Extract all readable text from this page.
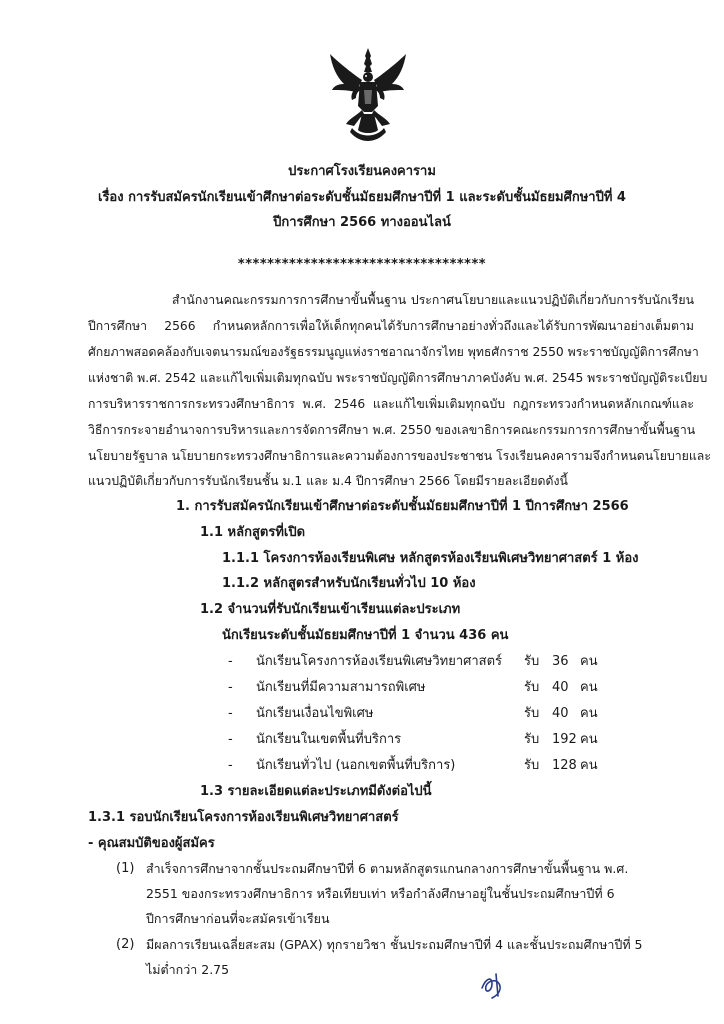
ประกาศโรงเรียนคงคาราม
เรื่อง การรับสมัครนักเรียนเข้าศึกษาต่อระดับชั้นมัธยมศึกษาปีที่ 1 และระดับชั้นมัธยมศึกษาปีที่ 4
ปีการศึกษา 2566 ทางออนไลน์
**********************************
สำนักงานคณะกรรมการการศึกษาขั้นพื้นฐาน ประกาศนโยบายและแนวปฏิบัติเกี่ยวกับการรับนักเรียน
ปีการศึกษา 2566 กำหนดหลักการเพื่อให้เด็กทุกคนได้รับการศึกษาอย่างทั่วถึงและได้รับการพัฒนาอย่างเต็มตาม
ศักยภาพสอดคล้องกับเจตนารมณ์ของรัฐธรรมนูญแห่งราชอาณาจักรไทย พุทธศักราช 2550 พระราชบัญญัติการศึกษา
แห่งชาติ พ.ศ. 2542 และแก้ไขเพิ่มเติมทุกฉบับ พระราชบัญญัติการศึกษาภาคบังคับ พ.ศ. 2545 พระราชบัญญัติระเบียบ
การบริหารราชการกระทรวงศึกษาธิการ พ.ศ. 2546 และแก้ไขเพิ่มเติมทุกฉบับ กฎกระทรวงกำหนดหลักเกณฑ์และ
วิธีการกระจายอำนาจการบริหารและการจัดการศึกษา พ.ศ. 2550 ของเลขาธิการคณะกรรมการการศึกษาขั้นพื้นฐาน
นโยบายรัฐบาล นโยบายกระทรวงศึกษาธิการและความต้องการของประชาชน โรงเรียนคงคารามจึงกำหนดนโยบายและ
แนวปฏิบัติเกี่ยวกับการรับนักเรียนชั้น ม.1 และ ม.4 ปีการศึกษา 2566 โดยมีรายละเอียดดังนี้
1. การรับสมัครนักเรียนเข้าศึกษาต่อระดับชั้นมัธยมศึกษาปีที่ 1 ปีการศึกษา 2566
1.1 หลักสูตรที่เปิด
1.1.1 โครงการห้องเรียนพิเศษ หลักสูตรห้องเรียนพิเศษวิทยาศาสตร์ 1 ห้อง
1.1.2 หลักสูตรสำหรับนักเรียนทั่วไป 10 ห้อง
1.2 จำนวนที่รับนักเรียนเข้าเรียนแต่ละประเภท
นักเรียนระดับชั้นมัธยมศึกษาปีที่ 1 จำนวน 436 คน
- นักเรียนโครงการห้องเรียนพิเศษวิทยาศาสตร์ รับ 36 คน
- นักเรียนที่มีความสามารถพิเศษ	รับ 40 คน
- นักเรียนเงื่อนไขพิเศษ	รับ 40 คน
- นักเรียนในเขตพื้นที่บริการ	รับ 192 คน
- นักเรียนทั่วไป (นอกเขตพื้นที่บริการ)	รับ 128 คน
1.3 รายละเอียดแต่ละประเภทมีดังต่อไปนี้
1.3.1 รอบนักเรียนโครงการห้องเรียนพิเศษวิทยาศาสตร์
- คุณสมบัติของผู้สมัคร
(1) สำเร็จการศึกษาจากชั้นประถมศึกษาปีที่ 6 ตามหลักสูตรแกนกลางการศึกษาขั้นพื้นฐาน พ.ศ.
2551 ของกระทรวงศึกษาธิการ หรือเทียบเท่า หรือกำลังศึกษาอยู่ในชั้นประถมศึกษาปีที่ 6
ปีการศึกษาก่อนที่จะสมัครเข้าเรียน
(2) มีผลการเรียนเฉลี่ยสะสม (GPAX) ทุกรายวิชา ชั้นประถมศึกษาปีที่ 4 และชั้นประถมศึกษาปีที่ 5
ไม่ต่ำกว่า 2.75
